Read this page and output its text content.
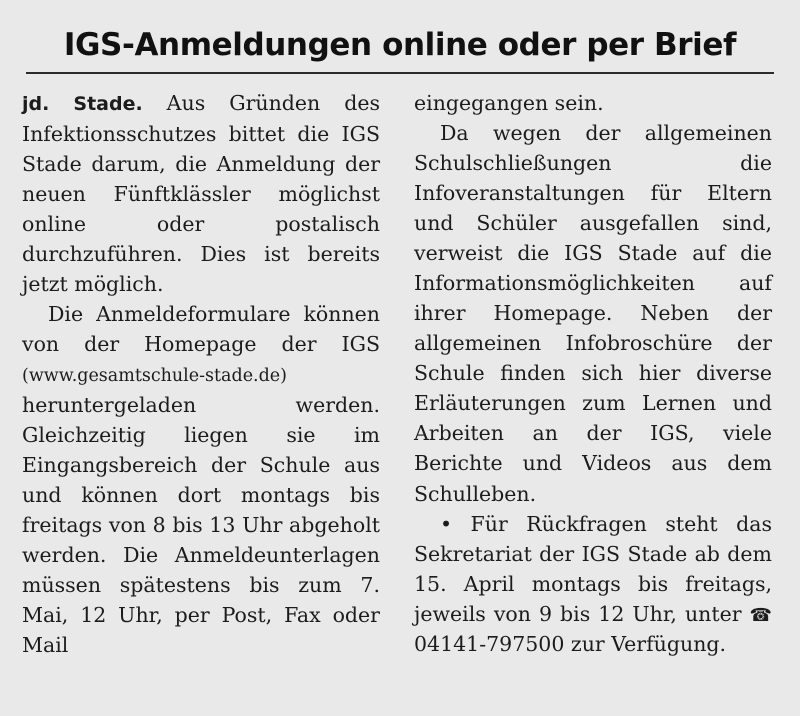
IGS-Anmeldungen online oder per Brief

jd. Stade. Aus Gründen des Infektionsschutzes bittet die IGS Stade darum, die Anmeldung der neuen Fünftklässler möglichst online oder postalisch durchzuführen. Dies ist bereits jetzt möglich.

Die Anmeldeformulare können von der Homepage der IGS (www.gesamtschule-stade.de) heruntergeladen werden. Gleichzeitig liegen sie im Eingangsbereich der Schule aus und können dort montags bis freitags von 8 bis 13 Uhr abgeholt werden. Die Anmeldeunterlagen müssen spätestens bis zum 7. Mai, 12 Uhr, per Post, Fax oder Mail

eingegangen sein.

Da wegen der allgemeinen Schulschließungen die Infoveranstaltungen für Eltern und Schüler ausgefallen sind, verweist die IGS Stade auf die Informationsmöglichkeiten auf ihrer Homepage. Neben der allgemeinen Infobroschüre der Schule finden sich hier diverse Erläuterungen zum Lernen und Arbeiten an der IGS, viele Berichte und Videos aus dem Schulleben.

• Für Rückfragen steht das Sekretariat der IGS Stade ab dem 15. April montags bis freitags, jeweils von 9 bis 12 Uhr, unter ☎ 04141-797500 zur Verfügung.
